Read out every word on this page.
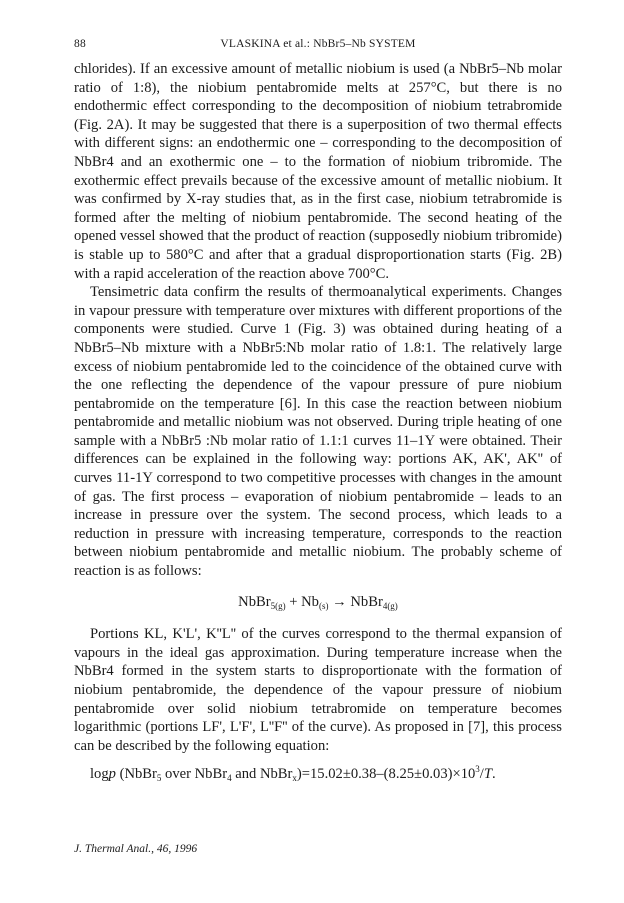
88	VLASKINA et al.: NbBr5–Nb SYSTEM

chlorides). If an excessive amount of metallic niobium is used (a NbBr5–Nb molar ratio of 1:8), the niobium pentabromide melts at 257°C, but there is no endothermic effect corresponding to the decomposition of niobium tetrabromide (Fig. 2A). It may be suggested that there is a superposition of two thermal effects with different signs: an endothermic one – corresponding to the decomposition of NbBr4 and an exothermic one – to the formation of niobium tribromide. The exothermic effect prevails because of the excessive amount of metallic niobium. It was confirmed by X-ray studies that, as in the first case, niobium tetrabromide is formed after the melting of niobium pentabromide. The second heating of the opened vessel showed that the product of reaction (supposedly niobium tribromide) is stable up to 580°C and after that a gradual disproportionation starts (Fig. 2B) with a rapid acceleration of the reaction above 700°C.

Tensimetric data confirm the results of thermoanalytical experiments. Changes in vapour pressure with temperature over mixtures with different proportions of the components were studied. Curve 1 (Fig. 3) was obtained during heating of a NbBr5–Nb mixture with a NbBr5:Nb molar ratio of 1.8:1. The relatively large excess of niobium pentabromide led to the coincidence of the obtained curve with the one reflecting the dependence of the vapour pressure of pure niobium pentabromide on the temperature [6]. In this case the reaction between niobium pentabromide and metallic niobium was not observed. During triple heating of one sample with a NbBr5 :Nb molar ratio of 1.1:1 curves 11–1Y were obtained. Their differences can be explained in the following way: portions AK, AK', AK'' of curves 11-1Y correspond to two competitive processes with changes in the amount of gas. The first process – evaporation of niobium pentabromide – leads to an increase in pressure over the system. The second process, which leads to a reduction in pressure with increasing temperature, corresponds to the reaction between niobium pentabromide and metallic niobium. The probably scheme of reaction is as follows:

NbBr$_{5(g)}$ + $Nb_{(s)}$ → NbBr$_{4(g)}$

Portions KL, K'L', K''L'' of the curves correspond to the thermal expansion of vapours in the ideal gas approximation. During temperature increase when the NbBr4 formed in the system starts to disproportionate with the formation of niobium pentabromide, the dependence of the vapour pressure of niobium pentabromide over solid niobium tetrabromide on temperature becomes logarithmic (portions LF', L'F', L''F'' of the curve). As proposed in [7], this process can be described by the following equation:

logp (NbBr$_5$ over NbBr$_4$ and $NbBr_x)=15.02\pm 0.38-(8.25\pm 0.03)\times 10^3/T$.
J. Thermal Anal., 46, 1996
